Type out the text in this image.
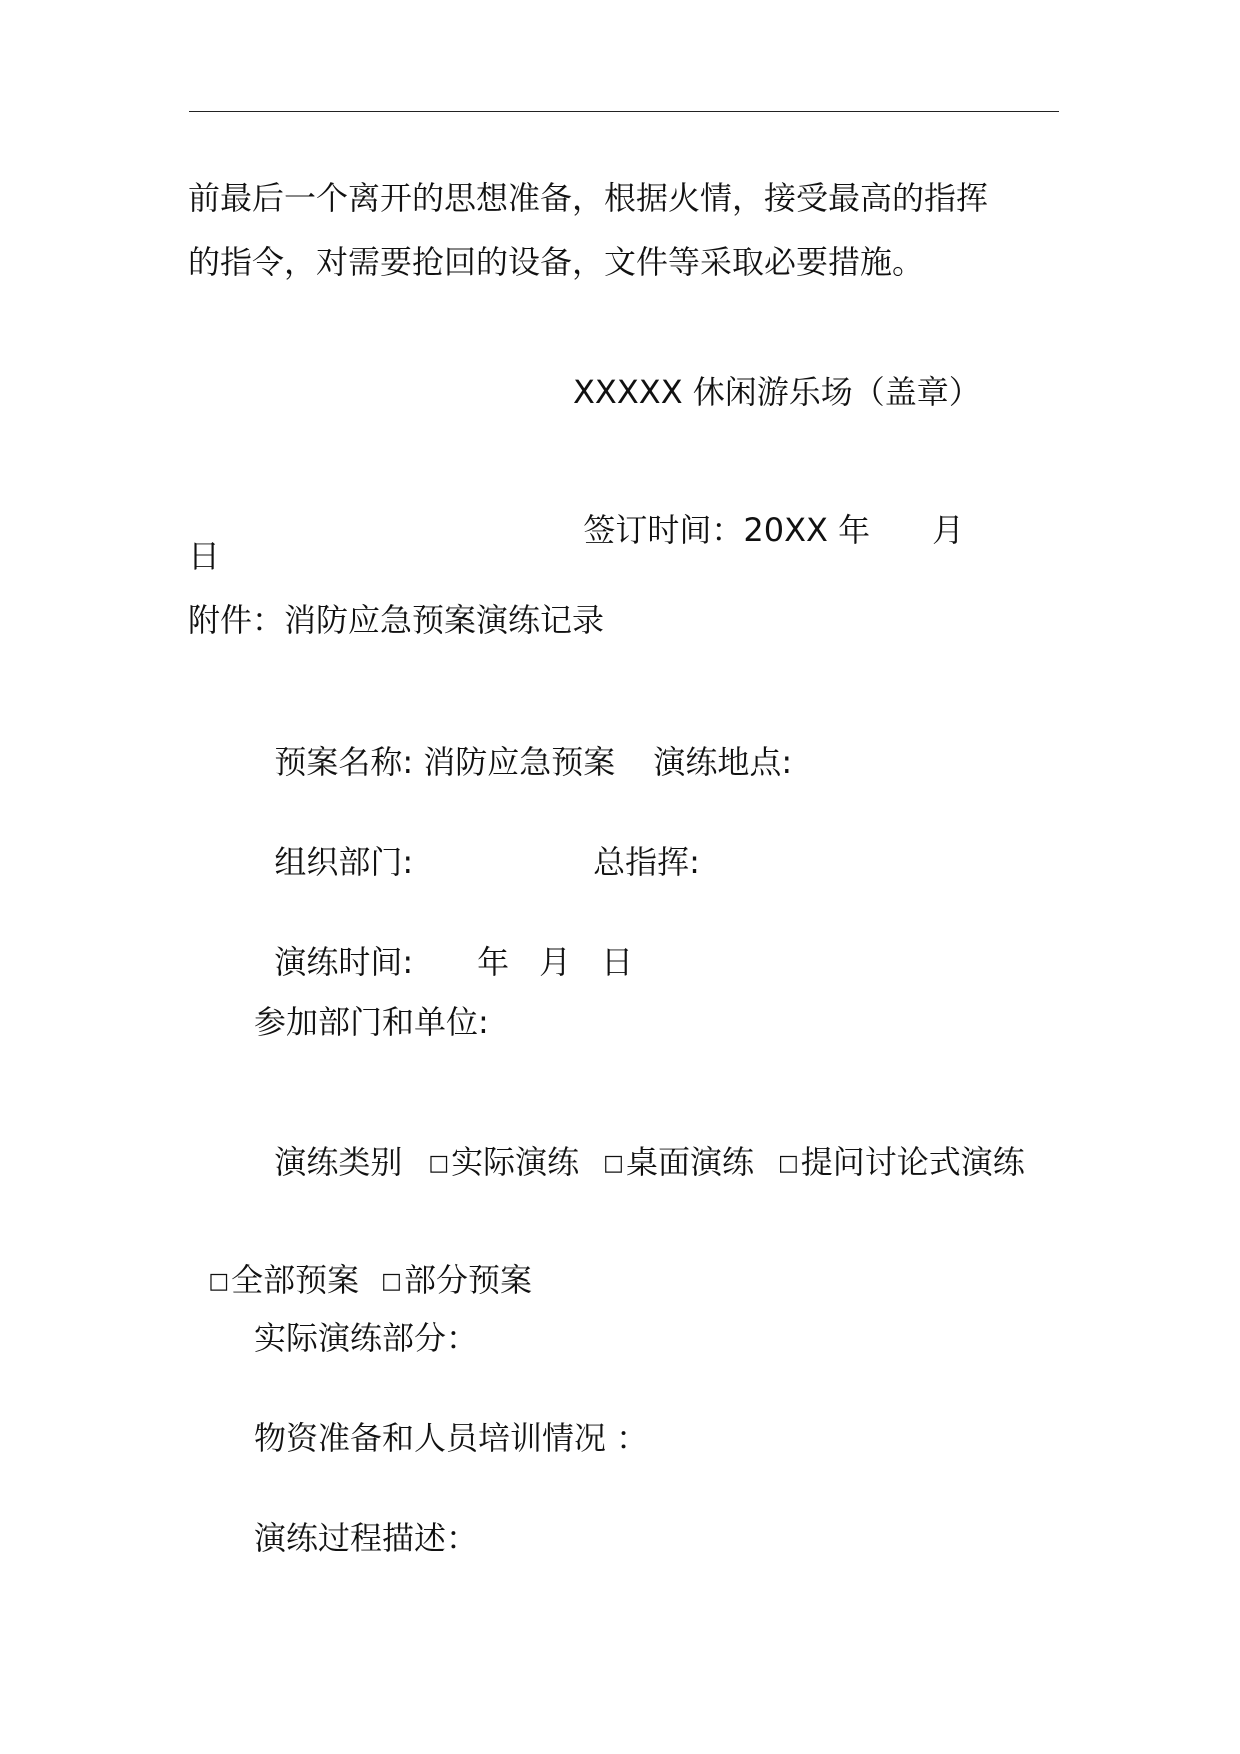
前最后一个离开的思想准备，根据火情，接受最高的指挥
的指令，对需要抢回的设备，文件等采取必要措施。
XXXXX 休闲游乐场（盖章）

签订时间：20XX 年 月

日
附件：消防应急预案演练记录

预案名称: 消防应急预案 演练地点:

组织部门:	总指挥:

演练时间: 年 月 日

参加部门和单位:

演练类别 □实际演练 □桌面演练 □提问讨论式演练

□全部预案 □部分预案

实际演练部分：
物资准备和人员培训情况 ：
演练过程描述：
